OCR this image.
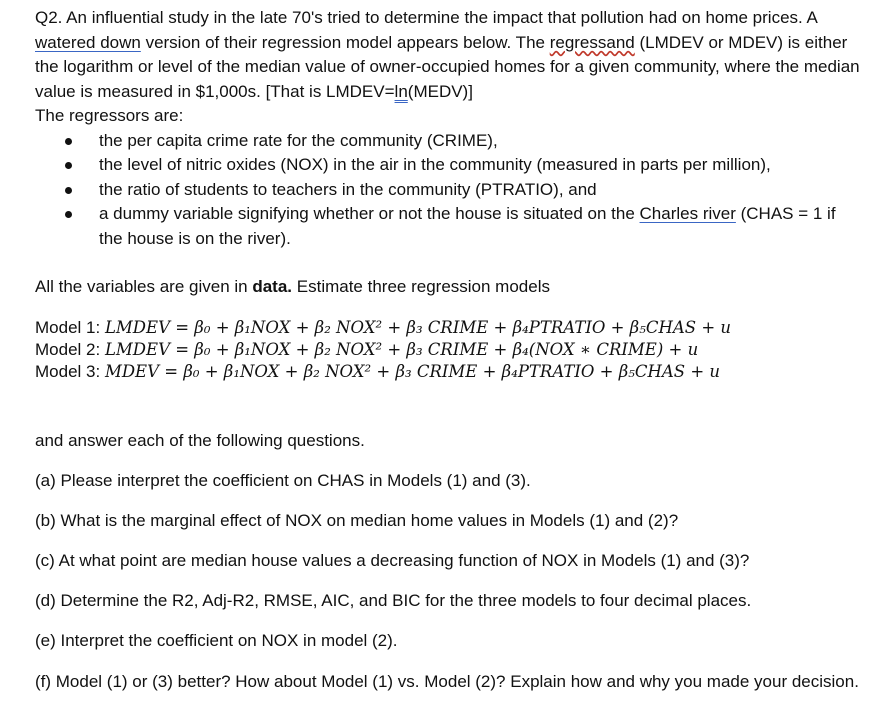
Q2. An influential study in the late 70's tried to determine the impact that pollution had on home prices. A watered down version of their regression model appears below. The regressand (LMDEV or MDEV) is either the logarithm or level of the median value of owner-occupied homes for a given community, where the median value is measured in $1,000s. [That is LMDEV=ln(MEDV)]

The regressors are:

the per capita crime rate for the community (CRIME),
the level of nitric oxides (NOX) in the air in the community (measured in parts per million),
the ratio of students to teachers in the community (PTRATIO), and
a dummy variable signifying whether or not the house is situated on the Charles river (CHAS = 1 if the house is on the river).

All the variables are given in data. Estimate three regression models

Model 1: LMDEV = β₀ + β₁NOX + β₂ NOX² + β₃ CRIME + β₄PTRATIO + β₅CHAS + u
Model 2: LMDEV = β₀ + β₁NOX + β₂ NOX² + β₃ CRIME + β₄(NOX ∗ CRIME) + u
Model 3: MDEV = β₀ + β₁NOX + β₂ NOX² + β₃ CRIME + β₄PTRATIO + β₅CHAS + u

and answer each of the following questions.

(a) Please interpret the coefficient on CHAS in Models (1) and (3).

(b) What is the marginal effect of NOX on median home values in Models (1) and (2)?

(c) At what point are median house values a decreasing function of NOX in Models (1) and (3)?

(d) Determine the R2, Adj-R2, RMSE, AIC, and BIC for the three models to four decimal places.

(e) Interpret the coefficient on NOX in model (2).

(f) Model (1) or (3) better? How about Model (1) vs. Model (2)? Explain how and why you made your decision.
